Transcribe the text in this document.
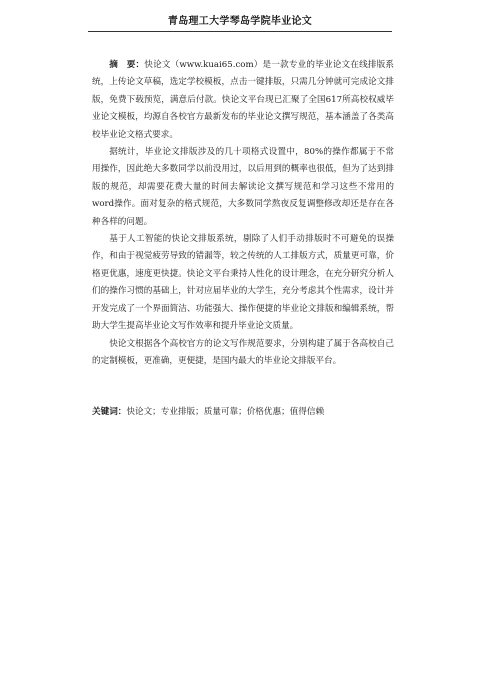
青岛理工大学琴岛学院毕业论文

摘　要：快论文（www.kuai65.com）是一款专业的毕业论文在线排版系统，上传论文草稿，选定学校模板，点击一键排版，只需几分钟就可完成论文排版，免费下载预览，满意后付款。快论文平台现已汇聚了全国617所高校权威毕业论文模板，均源自各校官方最新发布的毕业论文撰写规范，基本涵盖了各类高校毕业论文格式要求。

据统计，毕业论文排版涉及的几十项格式设置中，80%的操作都属于不常用操作，因此绝大多数同学以前没用过，以后用到的概率也很低，但为了达到排版的规范，却需要花费大量的时间去解读论文撰写规范和学习这些不常用的word操作。面对复杂的格式规范，大多数同学熬夜反复调整修改却还是存在各种各样的问题。

基于人工智能的快论文排版系统，剔除了人们手动排版时不可避免的误操作，和由于视觉疲劳导致的错漏等，较之传统的人工排版方式，质量更可靠，价格更优惠，速度更快捷。快论文平台秉持人性化的设计理念，在充分研究分析人们的操作习惯的基础上，针对应届毕业的大学生，充分考虑其个性需求，设计并开发完成了一个界面简洁、功能强大、操作便捷的毕业论文排版和编辑系统，帮助大学生提高毕业论文写作效率和提升毕业论文质量。

快论文根据各个高校官方的论文写作规范要求，分别构建了属于各高校自己的定制模板，更准确，更便捷，是国内最大的毕业论文排版平台。

关键词：快论文；专业排版；质量可靠；价格优惠；值得信赖
